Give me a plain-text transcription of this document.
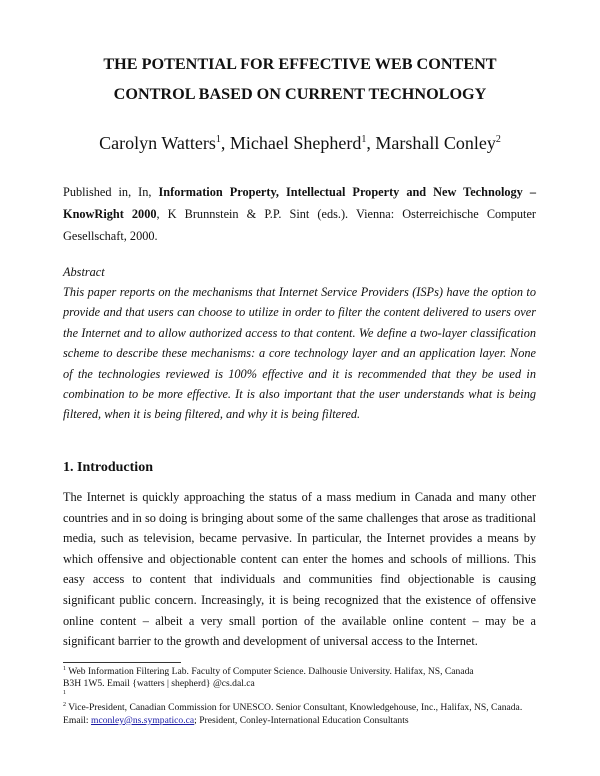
THE POTENTIAL FOR EFFECTIVE WEB CONTENT
CONTROL BASED ON CURRENT TECHNOLOGY
Carolyn Watters$^1$, Michael Shepherd$^1$, Marshall Conley$^2$

Published in, In, Information Property, Intellectual Property and New Technology – KnowRight 2000, K Brunnstein & P.P. Sint (eds.). Vienna: Osterreichische Computer Gesellschaft, 2000.

Abstract

This paper reports on the mechanisms that Internet Service Providers (ISPs) have the option to provide and that users can choose to utilize in order to filter the content delivered to users over the Internet and to allow authorized access to that content. We define a two-layer classification scheme to describe these mechanisms: a core technology layer and an application layer. None of the technologies reviewed is 100% effective and it is recommended that they be used in combination to be more effective. It is also important that the user understands what is being filtered, when it is being filtered, and why it is being filtered.

1. Introduction

The Internet is quickly approaching the status of a mass medium in Canada and many other countries and in so doing is bringing about some of the same challenges that arose as traditional media, such as television, became pervasive. In particular, the Internet provides a means by which offensive and objectionable content can enter the homes and schools of millions. This easy access to content that individuals and communities find objectionable is causing significant public concern. Increasingly, it is being recognized that the existence of offensive online content – albeit a very small portion of the available online content – may be a significant barrier to the growth and development of universal access to the Internet.

$^1$ Web Information Filtering Lab. Faculty of Computer Science. Dalhousie University. Halifax, NS, Canada

B3H 1W5. Email {watters | shepherd} @cs.dal.ca

$^1$

$^2$ Vice-President, Canadian Commission for UNESCO. Senior Consultant, Knowledgehouse, Inc., Halifax, NS, Canada.

Email: mconley@ns.sympatico.ca; President, Conley-International Education Consultants
